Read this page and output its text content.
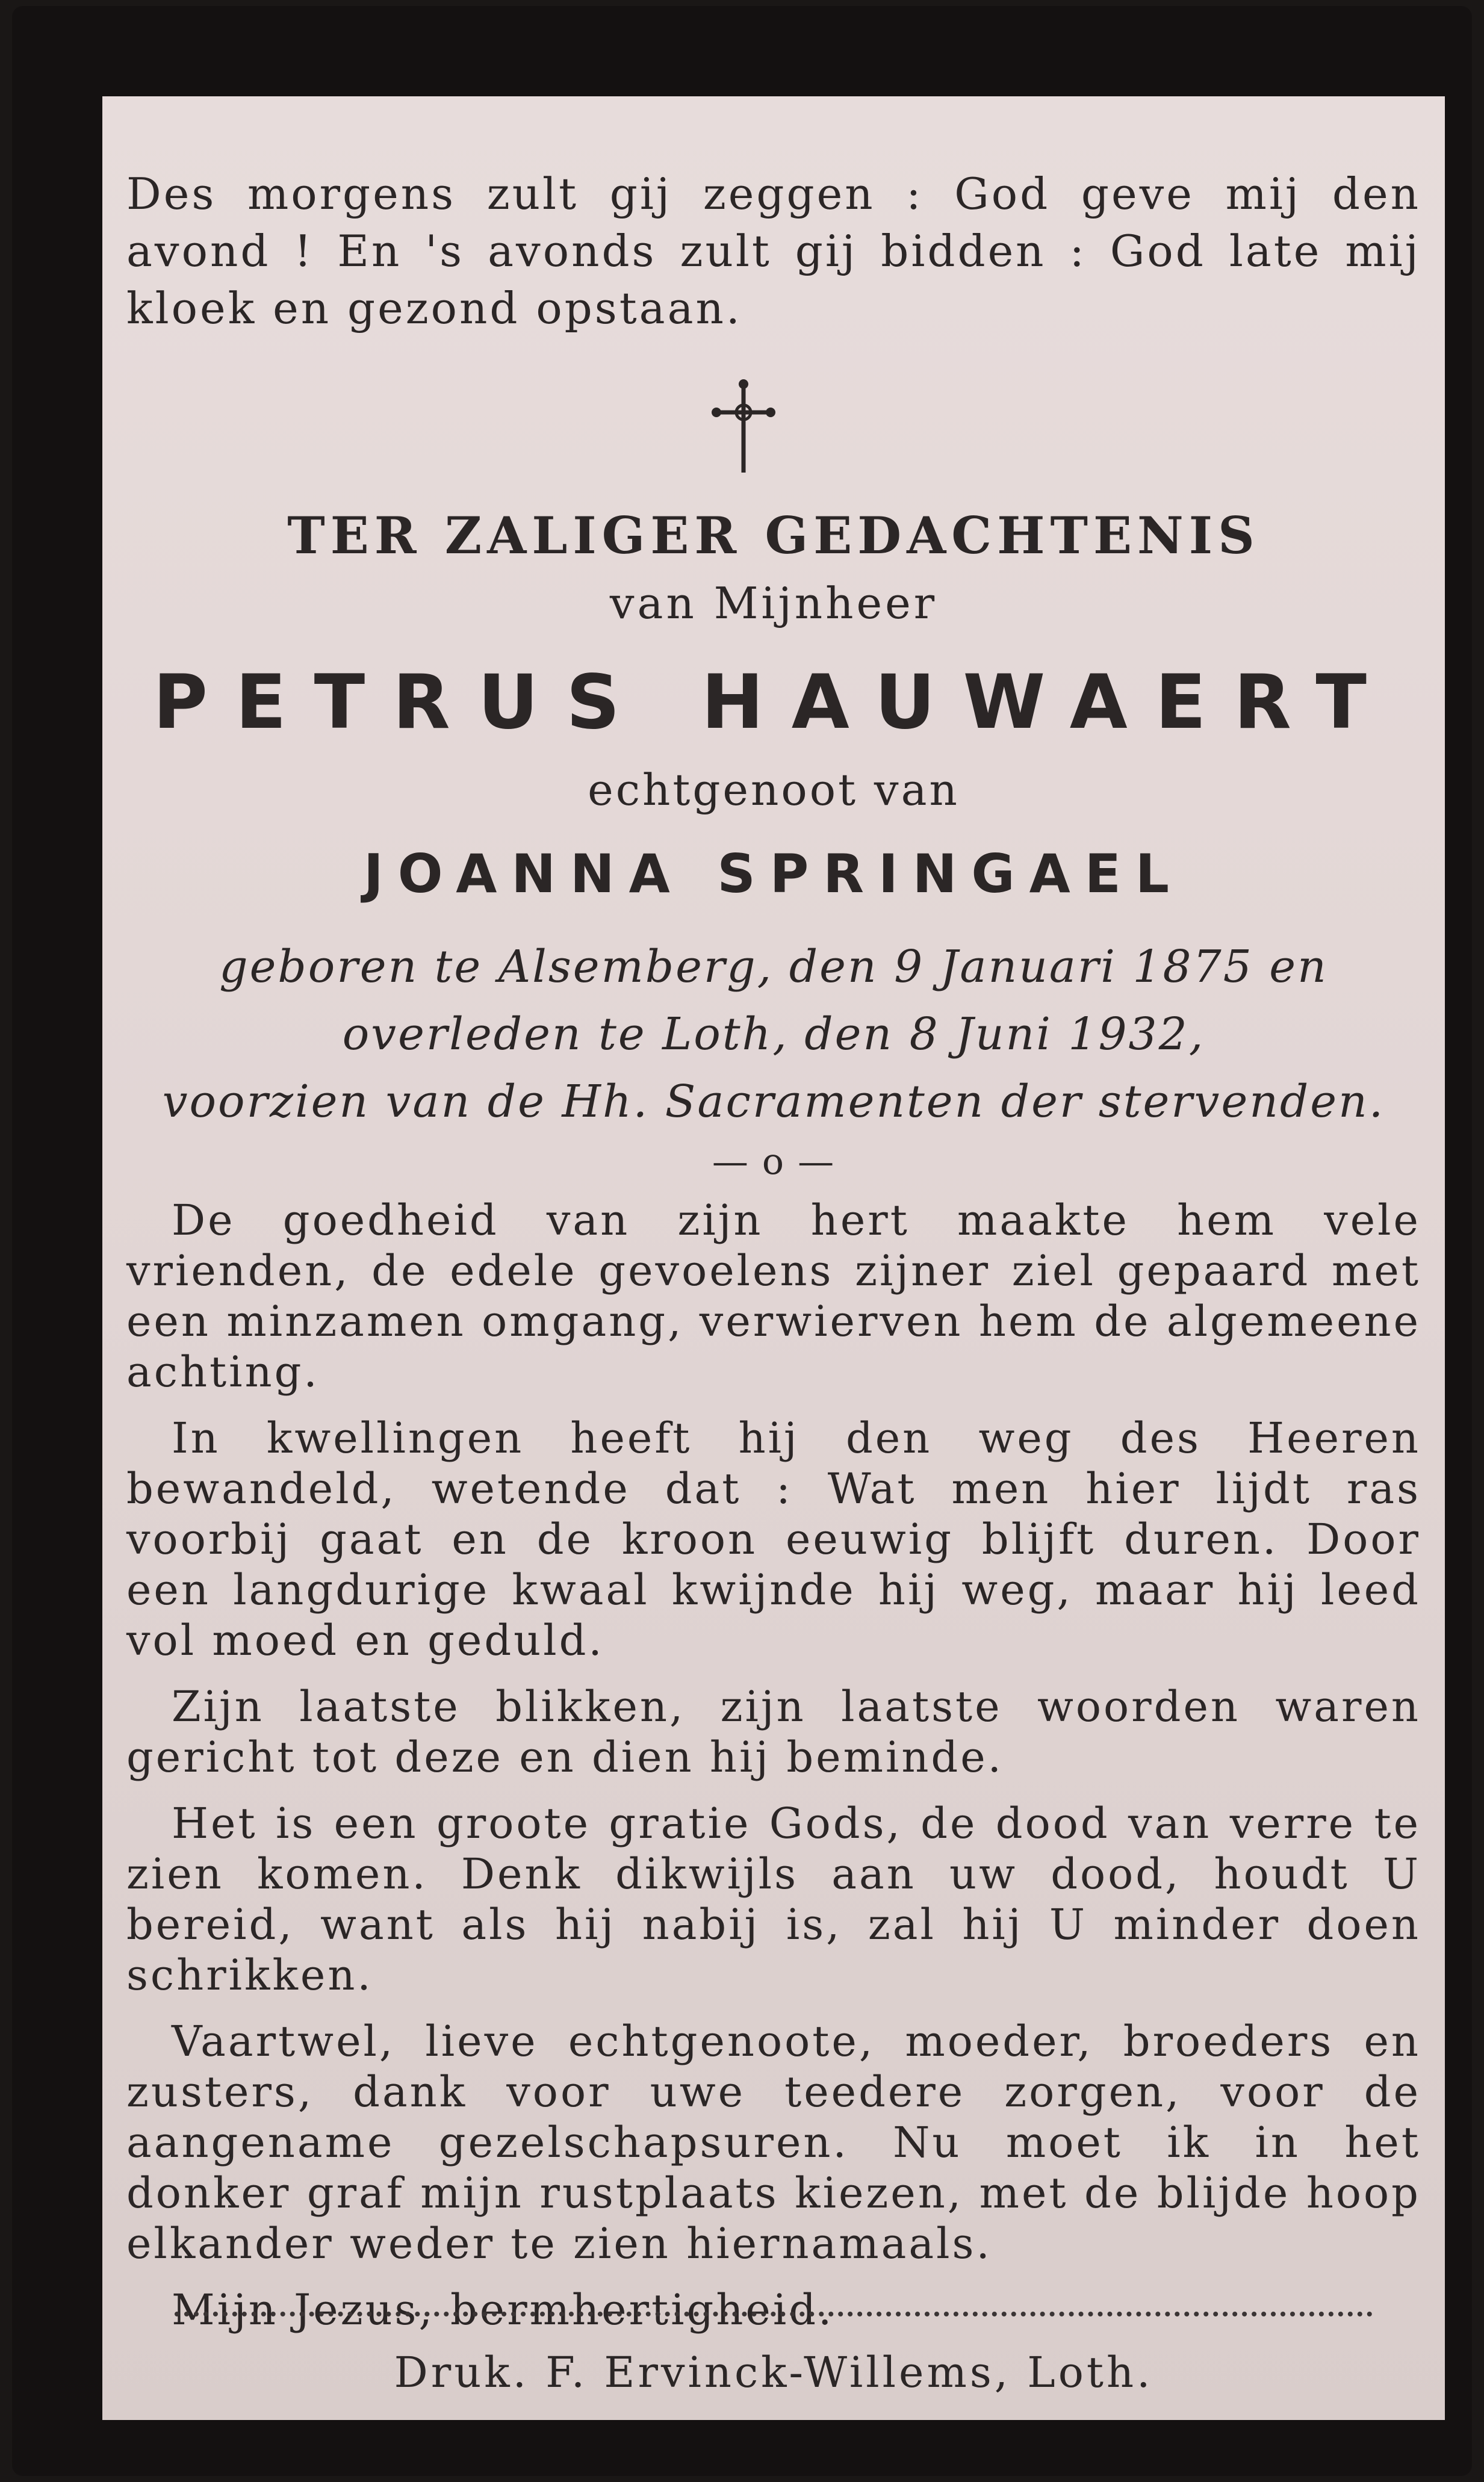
Des morgens zult gij zeggen : God geve mij den avond ! En 's avonds zult gij bidden : God late mij kloek en gezond opstaan.

TER ZALIGER GEDACHTENIS

van Mijnheer

PETRUS HAUWAERT

echtgenoot van

JOANNA SPRINGAEL

geboren te Alsemberg, den 9 Januari 1875 en
overleden te Loth, den 8 Juni 1932,
voorzien van de Hh. Sacramenten der stervenden.

— o —

De goedheid van zijn hert maakte hem vele vrienden, de edele gevoelens zijner ziel gepaard met een minzamen omgang, verwierven hem de algemeene achting.

In kwellingen heeft hij den weg des Heeren bewandeld, wetende dat : Wat men hier lijdt ras voorbij gaat en de kroon eeuwig blijft duren. Door een langdurige kwaal kwijnde hij weg, maar hij leed vol moed en geduld.

Zijn laatste blikken, zijn laatste woorden waren gericht tot deze en dien hij beminde.

Het is een groote gratie Gods, de dood van verre te zien komen. Denk dikwijls aan uw dood, houdt U bereid, want als hij nabij is, zal hij U minder doen schrikken.

Vaartwel, lieve echtgenoote, moeder, broeders en zusters, dank voor uwe teedere zorgen, voor de aangename gezelschapsuren. Nu moet ik in het donker graf mijn rustplaats kiezen, met de blijde hoop elkander weder te zien hiernamaals.

Mijn Jezus, bermhertigheid.

Druk. F. Ervinck-Willems, Loth.
